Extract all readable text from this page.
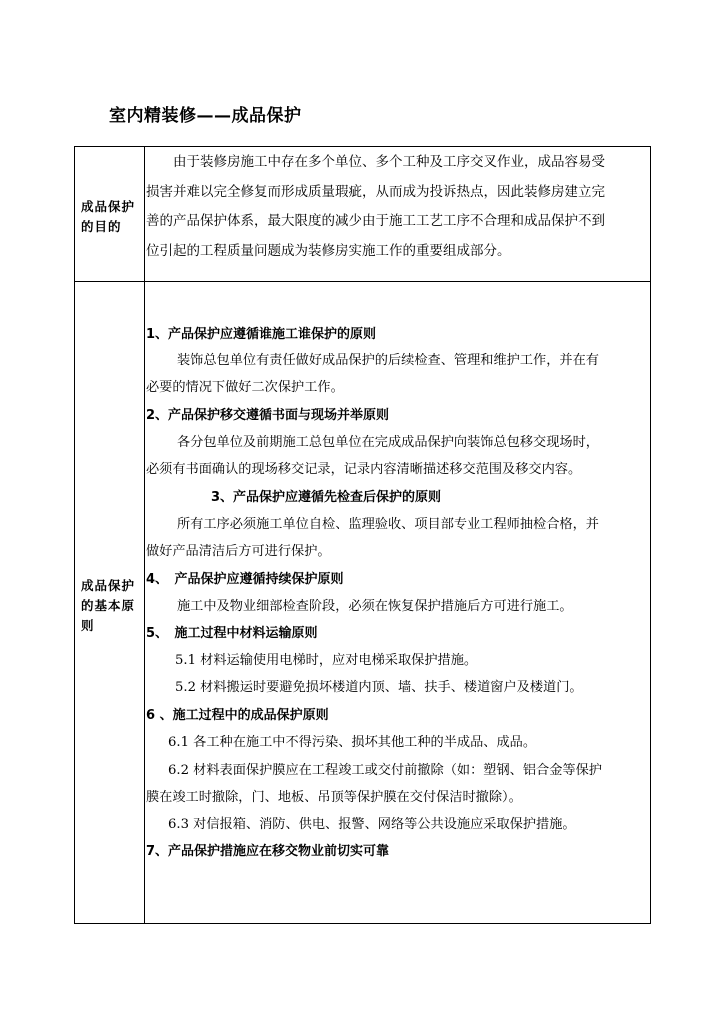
室内精装修——成品保护
成品保护的目的
由于装修房施工中存在多个单位、多个工种及工序交叉作业，成品容易受
损害并难以完全修复而形成质量瑕疵，从而成为投诉热点，因此装修房建立完
善的产品保护体系，最大限度的减少由于施工工艺工序不合理和成品保护不到
位引起的工程质量问题成为装修房实施工作的重要组成部分。
成品保护的基本原则
1、产品保护应遵循谁施工谁保护的原则
装饰总包单位有责任做好成品保护的后续检查、管理和维护工作，并在有
必要的情况下做好二次保护工作。
2、产品保护移交遵循书面与现场并举原则
各分包单位及前期施工总包单位在完成成品保护向装饰总包移交现场时，
必须有书面确认的现场移交记录，记录内容清晰描述移交范围及移交内容。
3、产品保护应遵循先检查后保护的原则
所有工序必须施工单位自检、监理验收、项目部专业工程师抽检合格，并
做好产品清洁后方可进行保护。
4、　产品保护应遵循持续保护原则
施工中及物业细部检查阶段，必须在恢复保护措施后方可进行施工。
5、　施工过程中材料运输原则
5.1 材料运输使用电梯时，应对电梯采取保护措施。
5.2 材料搬运时要避免损坏楼道内顶、墙、扶手、楼道窗户及楼道门。
6 、施工过程中的成品保护原则
6.1 各工种在施工中不得污染、损坏其他工种的半成品、成品。
6.2 材料表面保护膜应在工程竣工或交付前撤除（如：塑钢、铝合金等保护
膜在竣工时撤除，门、地板、吊顶等保护膜在交付保洁时撤除）。
6.3 对信报箱、消防、供电、报警、网络等公共设施应采取保护措施。
7、产品保护措施应在移交物业前切实可靠
